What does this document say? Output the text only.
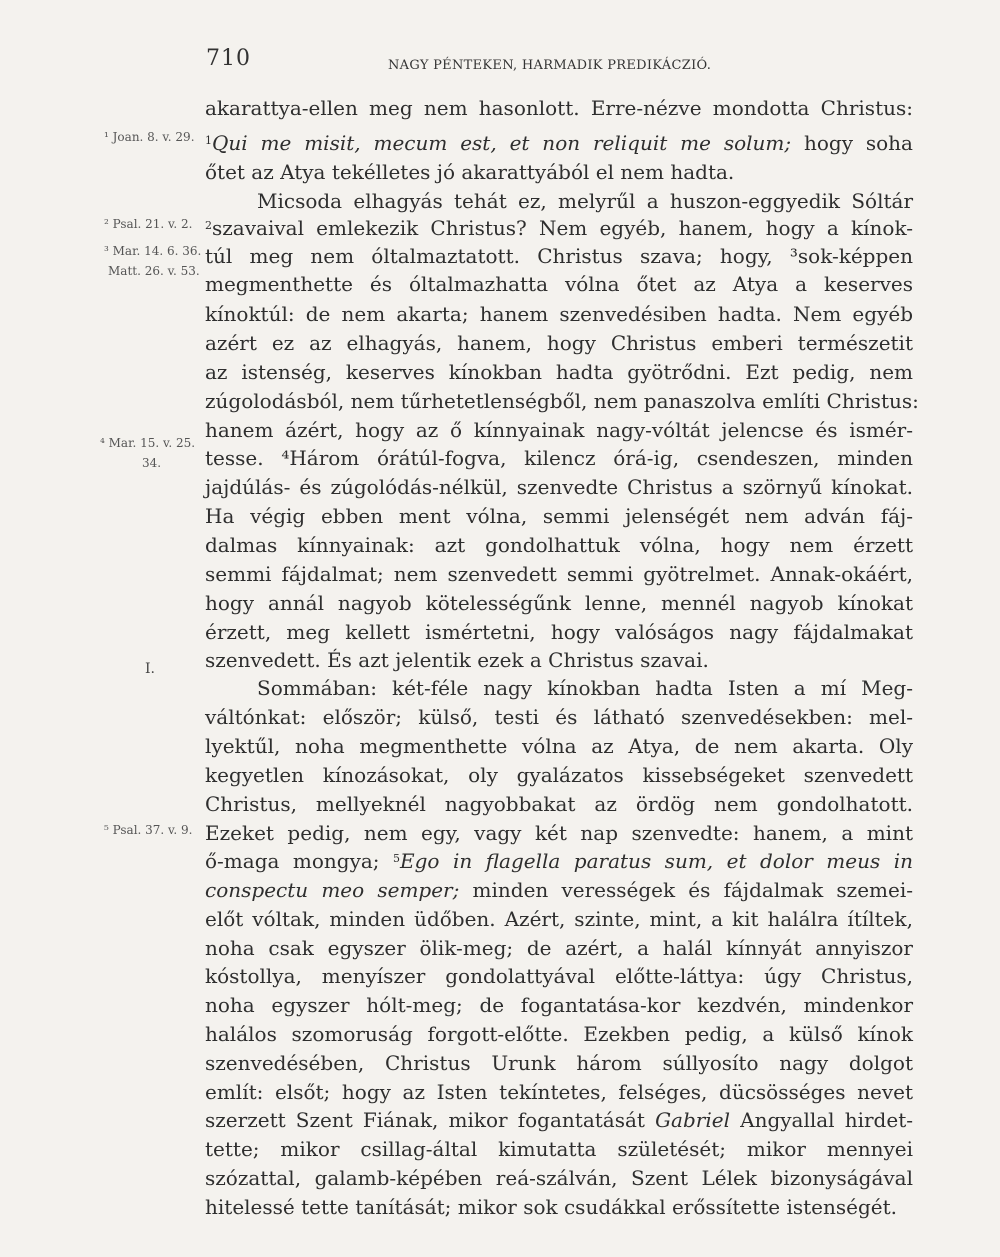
710	NAGY PÉNTEKEN, HARMADIK PREDIKÁCZIÓ.
¹ Joan. 8. v. 29.
² Psal. 21. v. 2.
³ Mar. 14. 6. 36.
Matt. 26. v. 53.
⁴ Mar. 15. v. 25.
34.
I.
⁵ Psal. 37. v. 9.
akarattya-ellen meg nem hasonlott. Erre-nézve mondotta Christus:
$^1$Qui me misit, mecum est, et non reliquit me solum; hogy soha
őtet az Atya tekélletes jó akarattyából el nem hadta.
Micsoda elhagyás tehát ez, melyrűl a huszon-eggyedik Sóltár
$^2$szavaival emlekezik Christus? Nem egyéb, hanem, hogy a kínok-
túl meg nem óltalmaztatott. Christus szava; hogy, ³sok-képpen
megmenthette és óltalmazhatta vólna őtet az Atya a keserves
kínoktúl: de nem akarta; hanem szenvedésiben hadta. Nem egyéb
azért ez az elhagyás, hanem, hogy Christus emberi természetit
az istenség, keserves kínokban hadta gyötrődni. Ezt pedig, nem
zúgolodásból, nem tűrhetetlenségből, nem panaszolva említi Christus:
hanem ázért, hogy az ő kínnyainak nagy-vóltát jelencse és ismér-
tesse. ⁴Három órátúl-fogva, kilencz órá-ig, csendeszen, minden
jajdúlás- és zúgolódás-nélkül, szenvedte Christus a szörnyű kínokat.
Ha végig ebben ment vólna, semmi jelenségét nem adván fáj-
dalmas kínnyainak: azt gondolhattuk vólna, hogy nem érzett
semmi fájdalmat; nem szenvedett semmi gyötrelmet. Annak-okáért,
hogy annál nagyob kötelességűnk lenne, mennél nagyob kínokat
érzett, meg kellett ismértetni, hogy valóságos nagy fájdalmakat
szenvedett. És azt jelentik ezek a Christus szavai.
Sommában: két-féle nagy kínokban hadta Isten a mí Meg-
váltónkat: először; külső, testi és látható szenvedésekben: mel-
lyektűl, noha megmenthette vólna az Atya, de nem akarta. Oly
kegyetlen kínozásokat, oly gyalázatos kissebségeket szenvedett
Christus, mellyeknél nagyobbakat az ördög nem gondolhatott.
Ezeket pedig, nem egy, vagy két nap szenvedte: hanem, a mint
ő-maga mongya; $^5$Ego in flagella paratus sum, et dolor meus in
conspectu meo semper; minden verességek és fájdalmak szemei-
előt vóltak, minden üdőben. Azért, szinte, mint, a kit halálra ítíltek,
noha csak egyszer ölik-meg; de azért, a halál kínnyát annyiszor
kóstollya, menyíszer gondolattyával előtte-láttya: úgy Christus,
noha egyszer hólt-meg; de fogantatása-kor kezdvén, mindenkor
halálos szomoruság forgott-előtte. Ezekben pedig, a külső kínok
szenvedésében, Christus Urunk három súllyosíto nagy dolgot
említ: elsőt; hogy az Isten tekíntetes, felséges, dücsösséges nevet
szerzett Szent Fiának, mikor fogantatását Gabriel Angyallal hirdet-
tette; mikor csillag-által kimutatta születését; mikor mennyei
szózattal, galamb-képében reá-szálván, Szent Lélek bizonyságával
hitelessé tette tanítását; mikor sok csudákkal erőssítette istenségét.
